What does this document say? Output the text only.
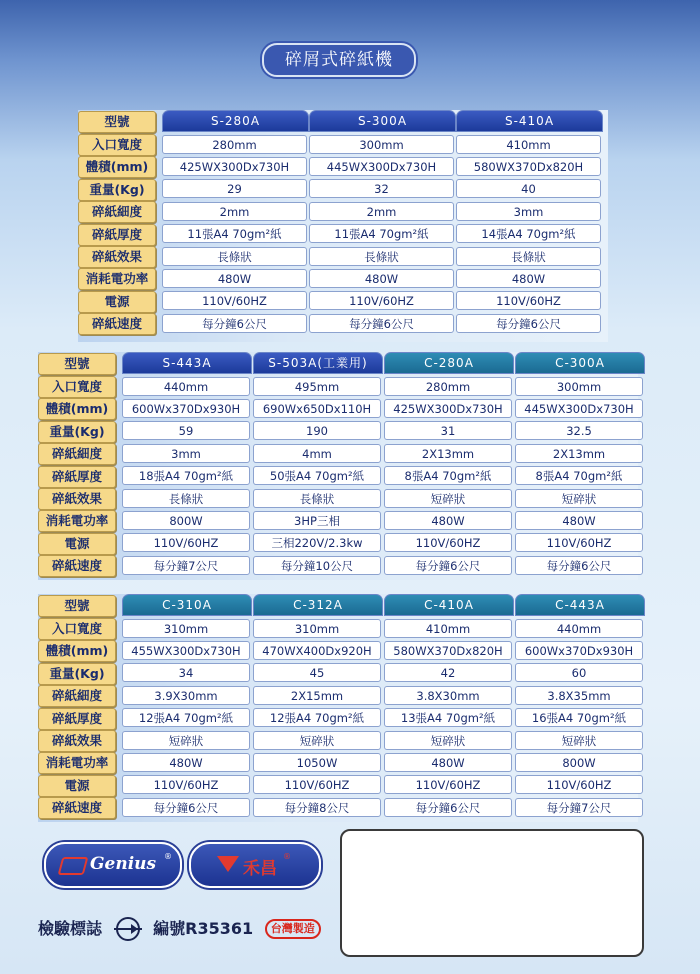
碎屑式碎紙機
型號	S-280A	S-300A	S-410A
入口寬度	280mm	300mm	410mm
體積(mm)	425WX300Dx730H	445WX300Dx730H	580WX370Dx820H
重量(Kg)	29	32	40
碎紙細度	2mm	2mm	3mm
碎紙厚度	11張A4 70gm²紙	11張A4 70gm²紙	14張A4 70gm²紙
碎紙效果	長條狀	長條狀	長條狀
消耗電功率	480W	480W	480W
電源	110V/60HZ	110V/60HZ	110V/60HZ
碎紙速度	每分鐘6公尺	每分鐘6公尺	每分鐘6公尺
型號	S-443A	S-503A(工業用)	C-280A	C-300A
入口寬度	440mm	495mm	280mm	300mm
體積(mm)	600Wx370Dx930H	690Wx650Dx110H	425WX300Dx730H	445WX300Dx730H
重量(Kg)	59	190	31	32.5
碎紙細度	3mm	4mm	2X13mm	2X13mm
碎紙厚度	18張A4 70gm²紙	50張A4 70gm²紙	8張A4 70gm²紙	8張A4 70gm²紙
碎紙效果	長條狀	長條狀	短碎狀	短碎狀
消耗電功率	800W	3HP三相	480W	480W
電源	110V/60HZ	三相220V/2.3kw	110V/60HZ	110V/60HZ
碎紙速度	每分鐘7公尺	每分鐘10公尺	每分鐘6公尺	每分鐘6公尺
型號	C-310A	C-312A	C-410A	C-443A
入口寬度	310mm	310mm	410mm	440mm
體積(mm)	455WX300Dx730H	470WX400Dx920H	580WX370Dx820H	600Wx370Dx930H
重量(Kg)	34	45	42	60
碎紙細度	3.9X30mm	2X15mm	3.8X30mm	3.8X35mm
碎紙厚度	12張A4 70gm²紙	12張A4 70gm²紙	13張A4 70gm²紙	16張A4 70gm²紙
碎紙效果	短碎狀	短碎狀	短碎狀	短碎狀
消耗電功率	480W	1050W	480W	800W
電源	110V/60HZ	110V/60HZ	110V/60HZ	110V/60HZ
碎紙速度	每分鐘6公尺	每分鐘8公尺	每分鐘6公尺	每分鐘7公尺
Genius ®
禾昌
®
檢驗標誌	編號R35361 台灣製造
